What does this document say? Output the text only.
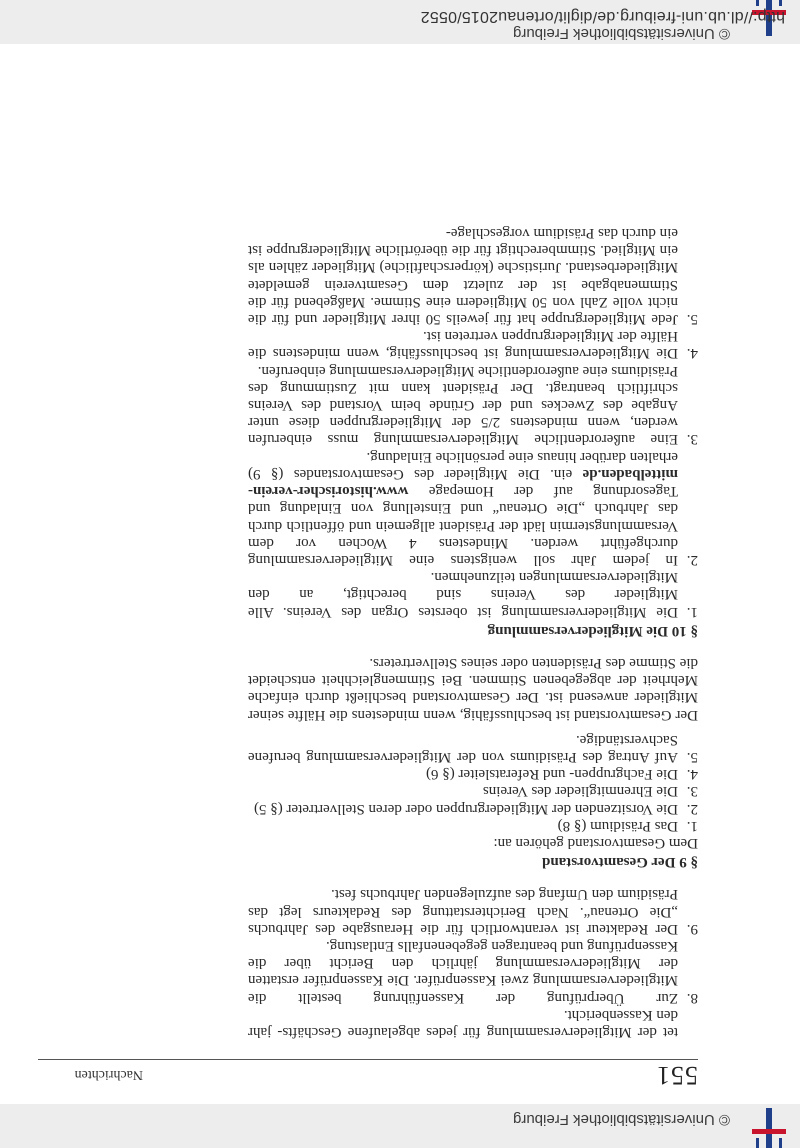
© Universitätsbibliothek Freiburg
© Universitätsbibliothek Freiburg
http://dl.ub.uni-freiburg.de/diglit/ortenau2015/0552
551
Nachrichten

tet der Mitgliederversammlung für jedes abgelaufene Geschäfts- jahr den Kassenbericht.

8.
Zur Überprüfung der Kassenführung bestellt die Mitgliederversammlung zwei Kassenprüfer. Die Kassenprüfer erstatten der Mitgliederversammlung jährlich den Bericht über die Kassenprüfung und beantragen gegebenenfalls Entlastung.
9.
Der Redakteur ist verantwortlich für die Herausgabe des Jahrbuchs „Die Ortenau“. Nach Berichterstattung des Redakteurs legt das Präsidium den Umfang des aufzulegenden Jahrbuchs fest.

§ 9 Der Gesamtvorstand

Dem Gesamtvorstand gehören an:

1.
Das Präsidium (§ 8)
2.
Die Vorsitzenden der Mitgliedergruppen oder deren Stellvertreter (§ 5)
3.
Die Ehrenmitglieder des Vereins
4.
Die Fachgruppen- und Referatsleiter (§ 6)
5.
Auf Antrag des Präsidiums von der Mitgliederversammlung berufene Sachverständige.

Der Gesamtvorstand ist beschlussfähig, wenn mindestens die Hälfte seiner Mitglieder anwesend ist. Der Gesamtvorstand beschließt durch einfache Mehrheit der abgegebenen Stimmen. Bei Stimmengleichheit entscheidet die Stimme des Präsidenten oder seines Stellvertreters.

§ 10 Die Mitgliederversammlung

1.
Die Mitgliederversammlung ist oberstes Organ des Vereins. Alle Mitglieder des Vereins sind berechtigt, an den Mitgliederversammlungen teilzunehmen.
2.
In jedem Jahr soll wenigstens eine Mitgliederversammlung durchgeführt werden. Mindestens 4 Wochen vor dem Versammlungstermin lädt der Präsident allgemein und öffentlich durch das Jahrbuch „Die Ortenau“ und Einstellung von Einladung und Tagesordnung auf der Homepage www.historischer-verein-mittelbaden.de ein. Die Mitglieder des Gesamtvorstandes (§ 9) erhalten darüber hinaus eine persönliche Einladung.
3.
Eine außerordentliche Mitgliederversammlung muss einberufen werden, wenn mindestens 2/5 der Mitgliedergruppen diese unter Angabe des Zweckes und der Gründe beim Vorstand des Vereins schriftlich beantragt. Der Präsident kann mit Zustimmung des Präsidiums eine außerordentliche Mitgliederversammlung einberufen.
4.
Die Mitgliederversammlung ist beschlussfähig, wenn mindestens die Hälfte der Mitgliedergruppen vertreten ist.
5.
Jede Mitgliedergruppe hat für jeweils 50 ihrer Mitglieder und für die nicht volle Zahl von 50 Mitgliedern eine Stimme. Maßgebend für die Stimmenabgabe ist der zuletzt dem Gesamtverein gemeldete Mitgliederbestand. Juristische (körperschaftliche) Mitglieder zählen als ein Mitglied. Stimmberechtigt für die überörtliche Mitgliedergruppe ist ein durch das Präsidium vorgeschlage-
